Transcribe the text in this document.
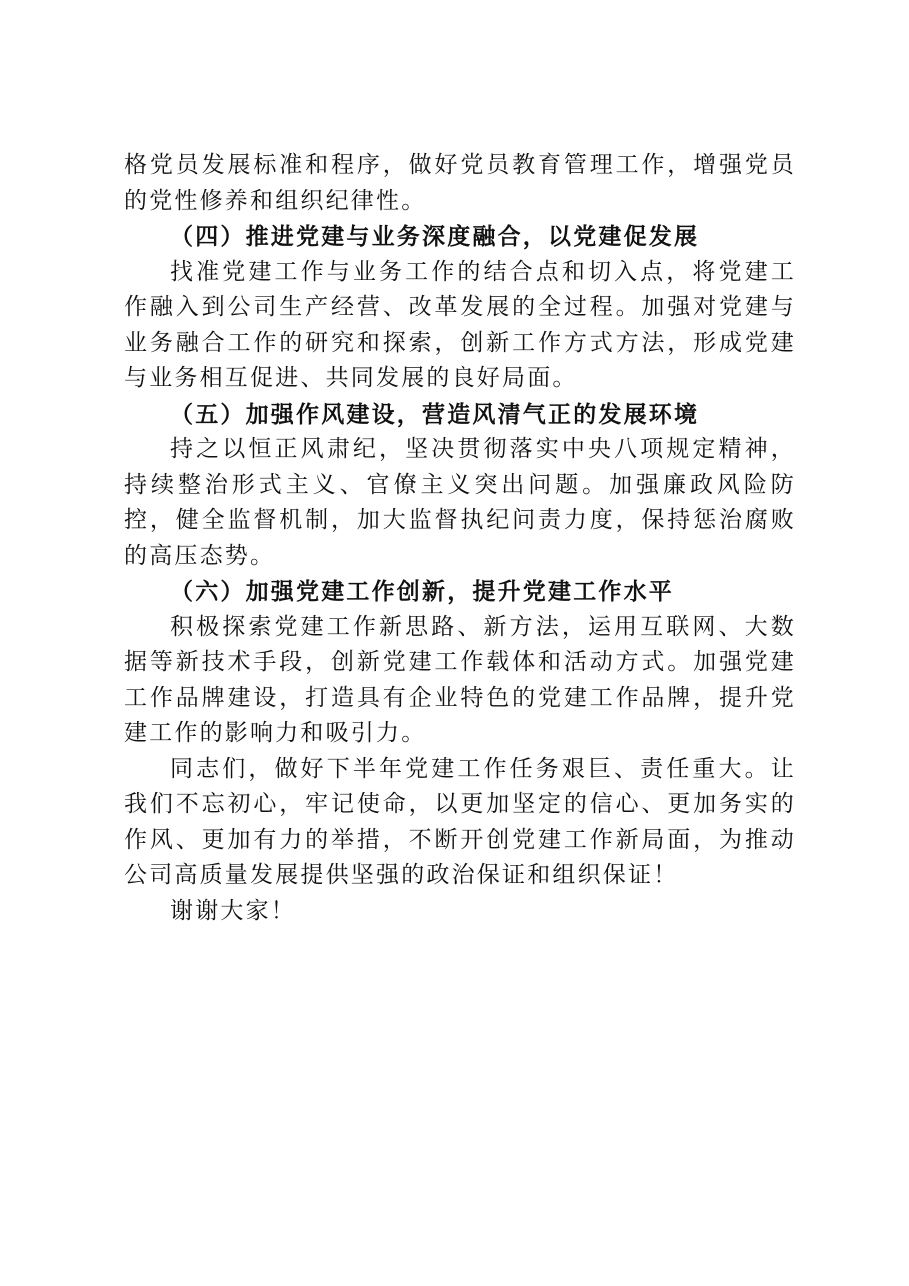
格党员发展标准和程序，做好党员教育管理工作，增强党员的党性修养和组织纪律性。

（四）推进党建与业务深度融合，以党建促发展

找准党建工作与业务工作的结合点和切入点，将党建工作融入到公司生产经营、改革发展的全过程。加强对党建与业务融合工作的研究和探索，创新工作方式方法，形成党建与业务相互促进、共同发展的良好局面。

（五）加强作风建设，营造风清气正的发展环境

持之以恒正风肃纪，坚决贯彻落实中央八项规定精神，持续整治形式主义、官僚主义突出问题。加强廉政风险防控，健全监督机制，加大监督执纪问责力度，保持惩治腐败的高压态势。

（六）加强党建工作创新，提升党建工作水平

积极探索党建工作新思路、新方法，运用互联网、大数据等新技术手段，创新党建工作载体和活动方式。加强党建工作品牌建设，打造具有企业特色的党建工作品牌，提升党建工作的影响力和吸引力。

同志们，做好下半年党建工作任务艰巨、责任重大。让我们不忘初心，牢记使命，以更加坚定的信心、更加务实的作风、更加有力的举措，不断开创党建工作新局面，为推动公司高质量发展提供坚强的政治保证和组织保证！

谢谢大家！
